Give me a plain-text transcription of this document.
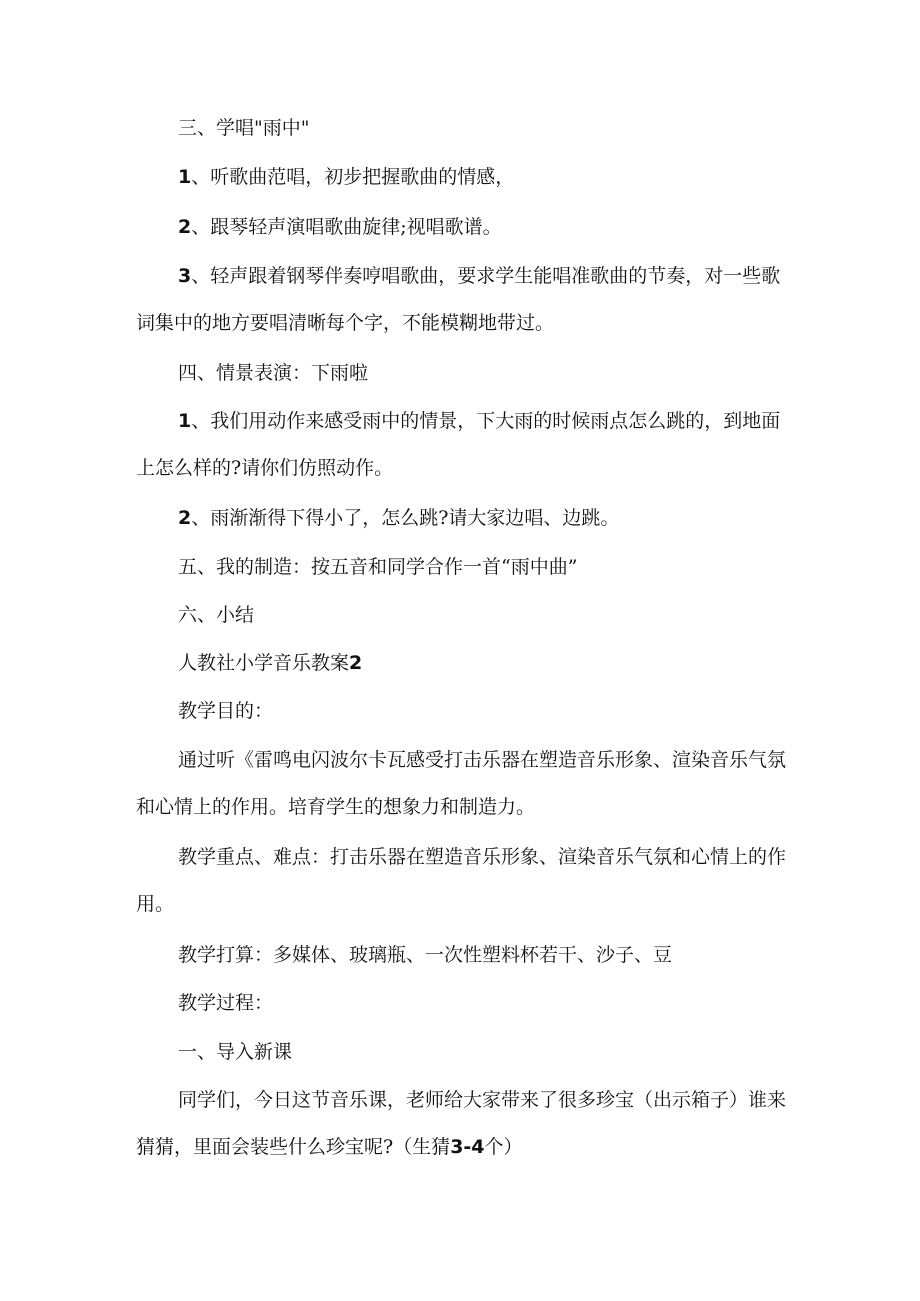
三、学唱"雨中"

1、听歌曲范唱，初步把握歌曲的情感，

2、跟琴轻声演唱歌曲旋律;视唱歌谱。

3、轻声跟着钢琴伴奏哼唱歌曲，要求学生能唱准歌曲的节奏，对一些歌词集中的地方要唱清晰每个字，不能模糊地带过。

四、情景表演：下雨啦

1、我们用动作来感受雨中的情景，下大雨的时候雨点怎么跳的，到地面上怎么样的?请你们仿照动作。

2、雨渐渐得下得小了，怎么跳?请大家边唱、边跳。

五、我的制造：按五音和同学合作一首“雨中曲”

六、小结

人教社小学音乐教案2

教学目的：

通过听《雷鸣电闪波尔卡瓦感受打击乐器在塑造音乐形象、渲染音乐气氛和心情上的作用。培育学生的想象力和制造力。

教学重点、难点：打击乐器在塑造音乐形象、渲染音乐气氛和心情上的作用。

教学打算：多媒体、玻璃瓶、一次性塑料杯若干、沙子、豆

教学过程：

一、导入新课

同学们，今日这节音乐课，老师给大家带来了很多珍宝（出示箱子）谁来猜猜，里面会装些什么珍宝呢?（生猜3-4个）
